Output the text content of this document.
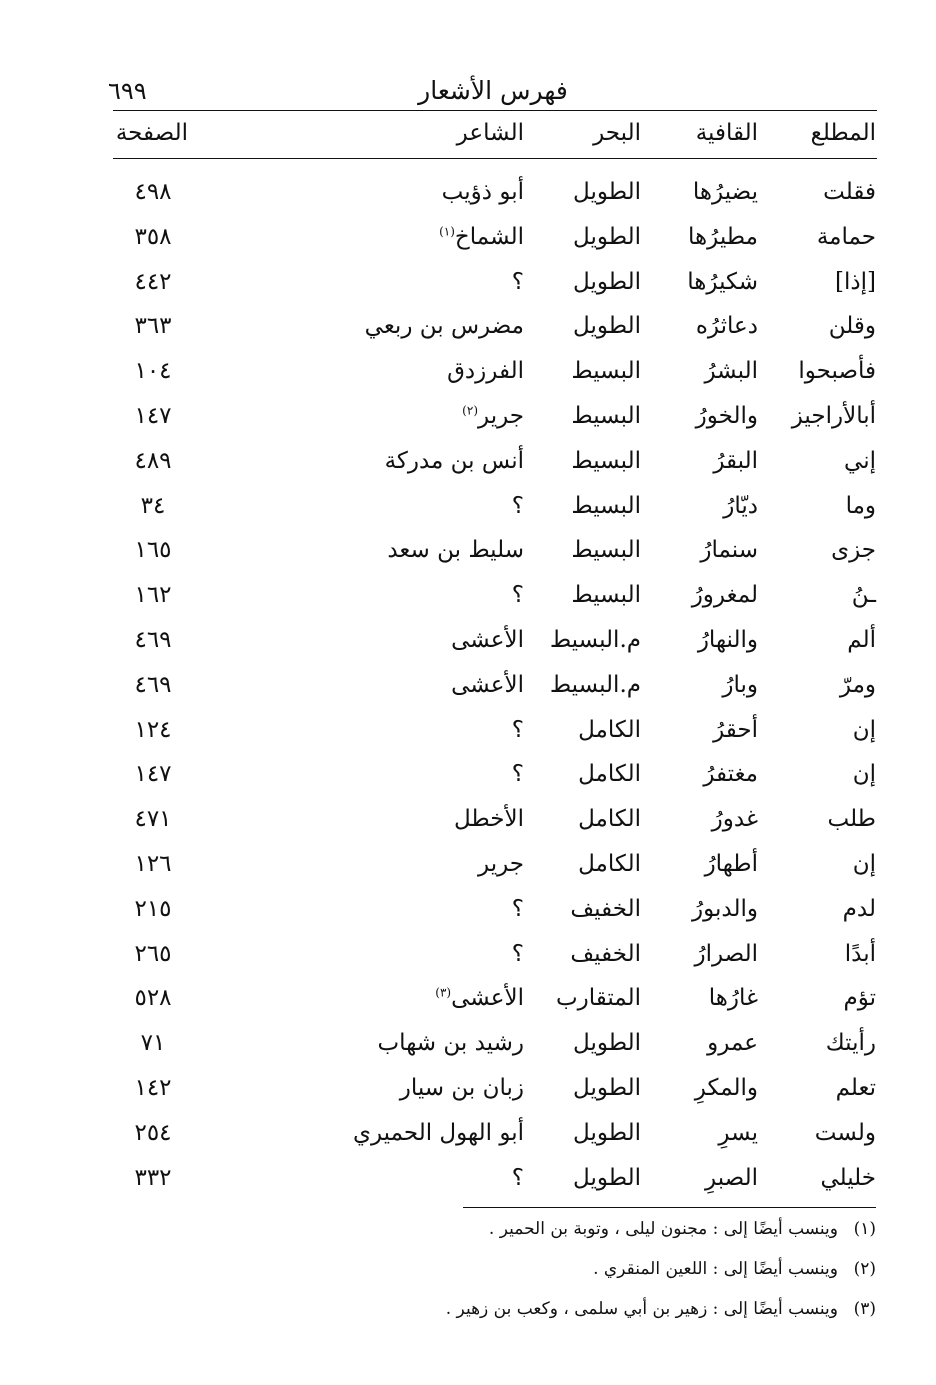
فهرس الأشعار
٦٩٩
المطلع
القافية
البحر
الشاعر
الصفحة
فقلت
يضيرُها
الطويل
أبو ذؤيب
٤٩٨
حمامة
مطيرُها
الطويل
الشماخ$^{(١)}$
٣٥٨
[إذا]
شكيرُها
الطويل
؟
٤٤٢
وقلن
دعاثرُه
الطويل
مضرس بن ربعي
٣٦٣
فأصبحوا
البشرُ
البسيط
الفرزدق
١٠٤
أبالأراجيز
والخورُ
البسيط
جرير$^{(٢)}$
١٤٧
إني
البقرُ
البسيط
أنس بن مدركة
٤٨٩
وما
ديّارُ
البسيط
؟
٣٤
جزى
سنمارُ
البسيط
سليط بن سعد
١٦٥
ـنُ
لمغرورُ
البسيط
؟
١٦٢
ألم
والنهارُ
م.البسيط
الأعشى
٤٦٩
ومرّ
وبارُ
م.البسيط
الأعشى
٤٦٩
إن
أحقرُ
الكامل
؟
١٢٤
إن
مغتفرُ
الكامل
؟
١٤٧
طلب
غدورُ
الكامل
الأخطل
٤٧١
إن
أطهارُ
الكامل
جرير
١٢٦
لدم
والدبورُ
الخفيف
؟
٢١٥
أبدًا
الصرارُ
الخفيف
؟
٢٦٥
تؤم
غارُها
المتقارب
الأعشى$^{(٣)}$
٥٢٨
رأيتك
عمرو
الطويل
رشيد بن شهاب
٧١
تعلم
والمكرِ
الطويل
زبان بن سيار
١٤٢
ولست
يسرِ
الطويل
أبو الهول الحميري
٢٥٤
خليلي
الصبرِ
الطويل
؟
٣٣٢
(١)وينسب أيضًا إلى : مجنون ليلى ، وتوبة بن الحمير .
(٢)وينسب أيضًا إلى : اللعين المنقري .
(٣)وينسب أيضًا إلى : زهير بن أبي سلمى ، وكعب بن زهير .
